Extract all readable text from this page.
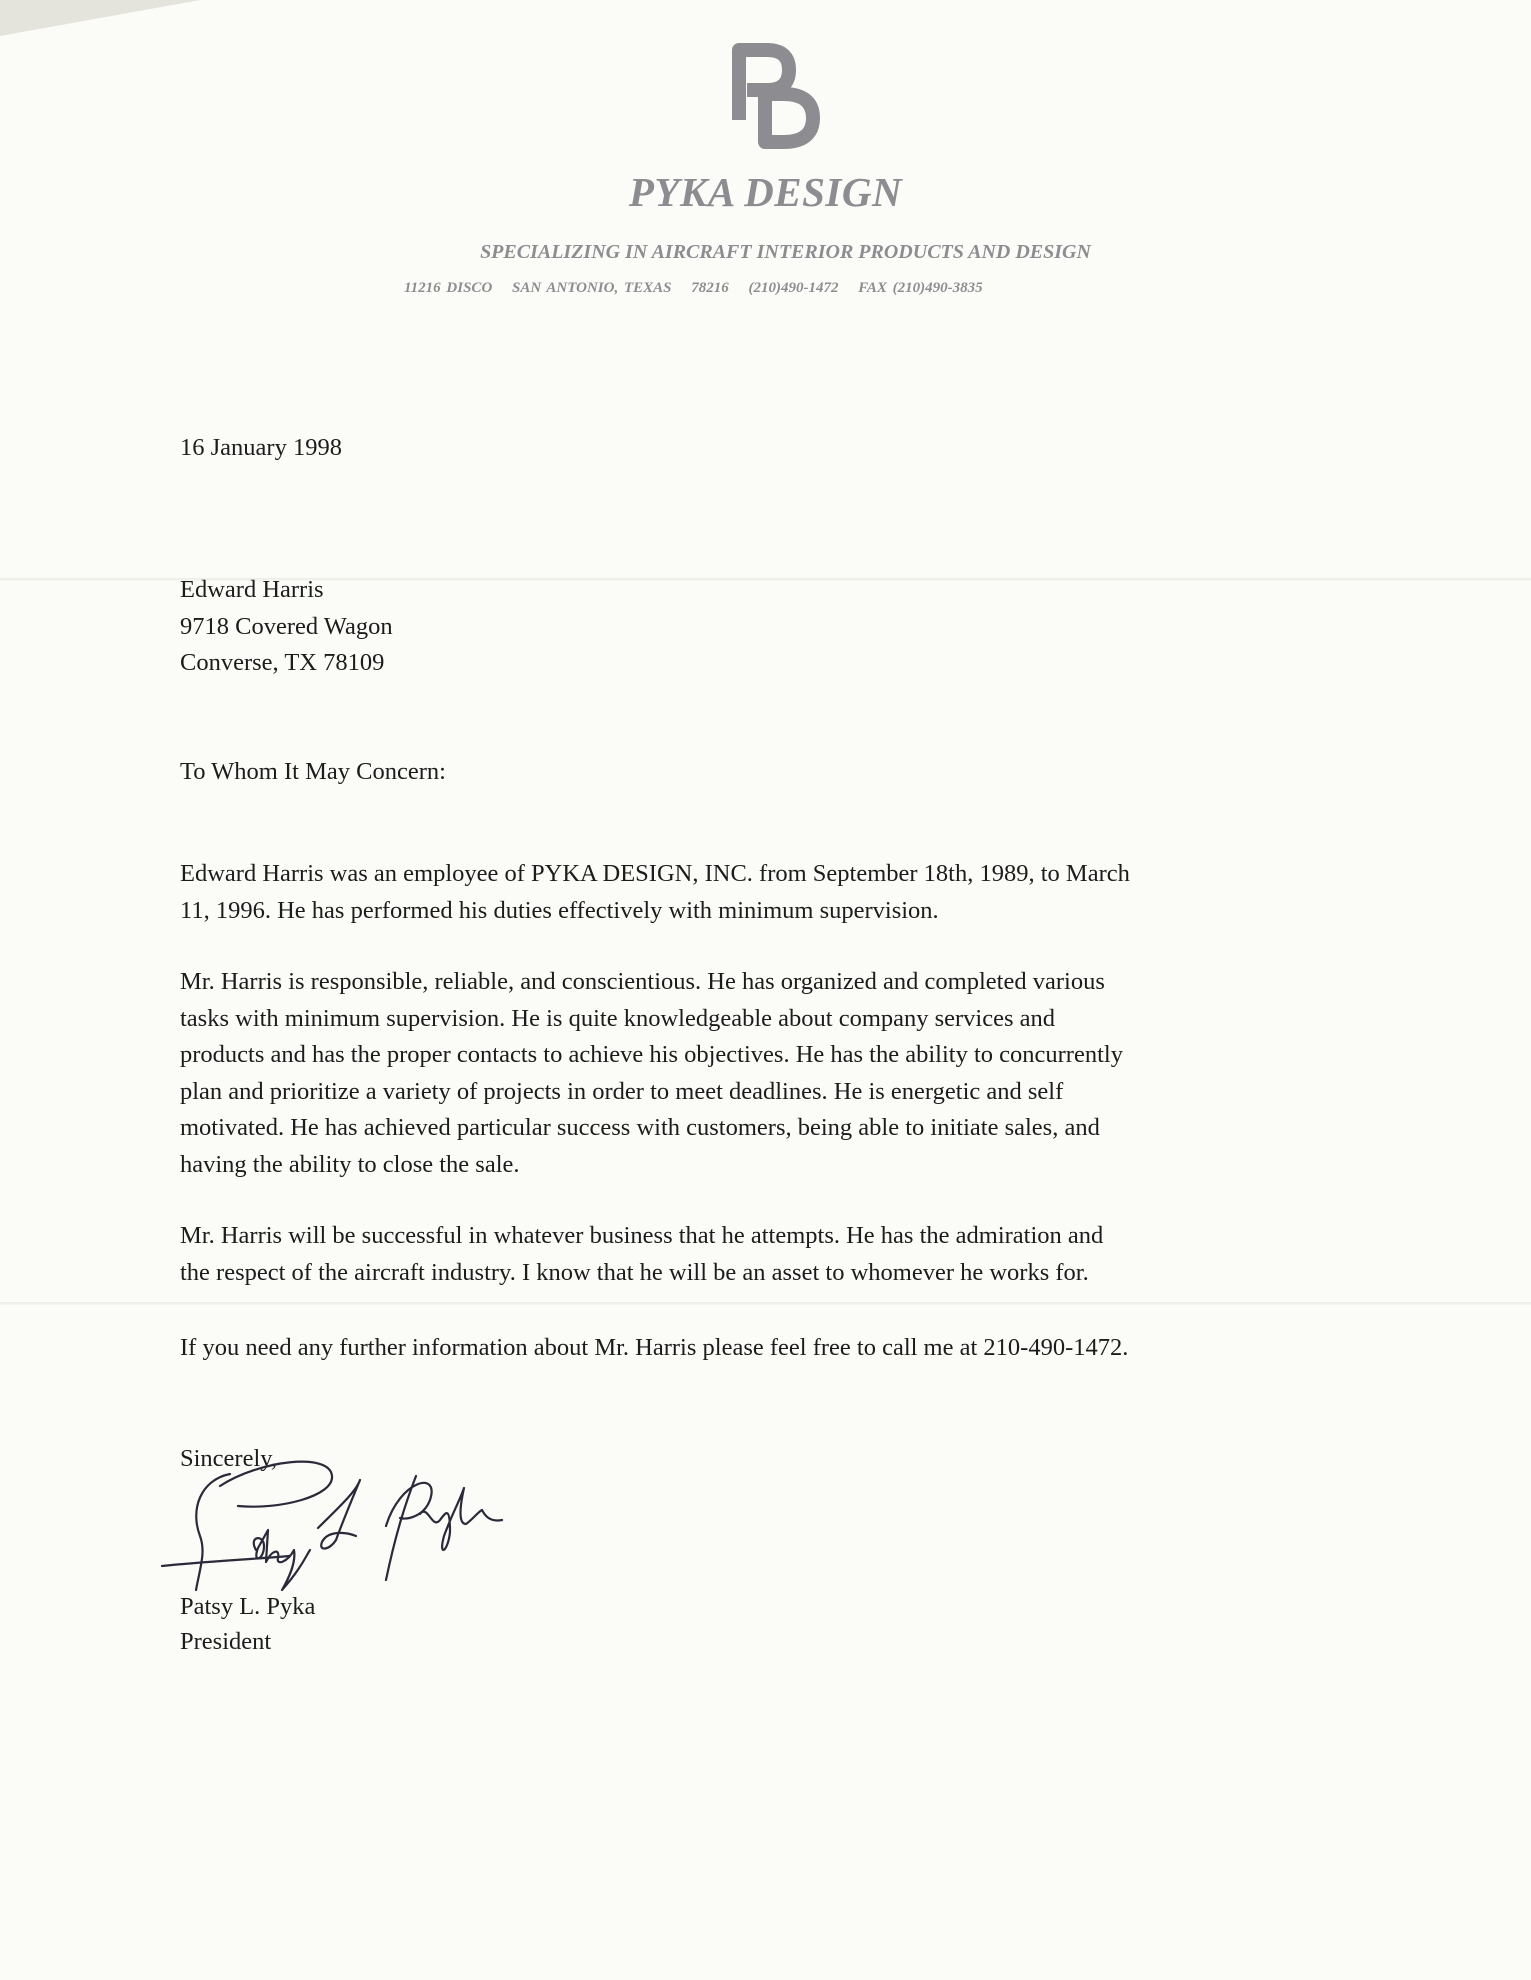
PYKA DESIGN
SPECIALIZING IN AIRCRAFT INTERIOR PRODUCTS AND DESIGN
11216 DISCO SAN ANTONIO, TEXAS 78216 (210)490-1472 FAX (210)490-3835
16 January 1998
Edward Harris
9718 Covered Wagon
Converse, TX 78109
To Whom It May Concern:
Edward Harris was an employee of PYKA DESIGN, INC. from September 18th, 1989, to March
11, 1996. He has performed his duties effectively with minimum supervision.
Mr. Harris is responsible, reliable, and conscientious. He has organized and completed various
tasks with minimum supervision. He is quite knowledgeable about company services and
products and has the proper contacts to achieve his objectives. He has the ability to concurrently
plan and prioritize a variety of projects in order to meet deadlines. He is energetic and self
motivated. He has achieved particular success with customers, being able to initiate sales, and
having the ability to close the sale.
Mr. Harris will be successful in whatever business that he attempts. He has the admiration and
the respect of the aircraft industry. I know that he will be an asset to whomever he works for.
If you need any further information about Mr. Harris please feel free to call me at 210-490-1472.
Sincerely,
Patsy L. Pyka
President
